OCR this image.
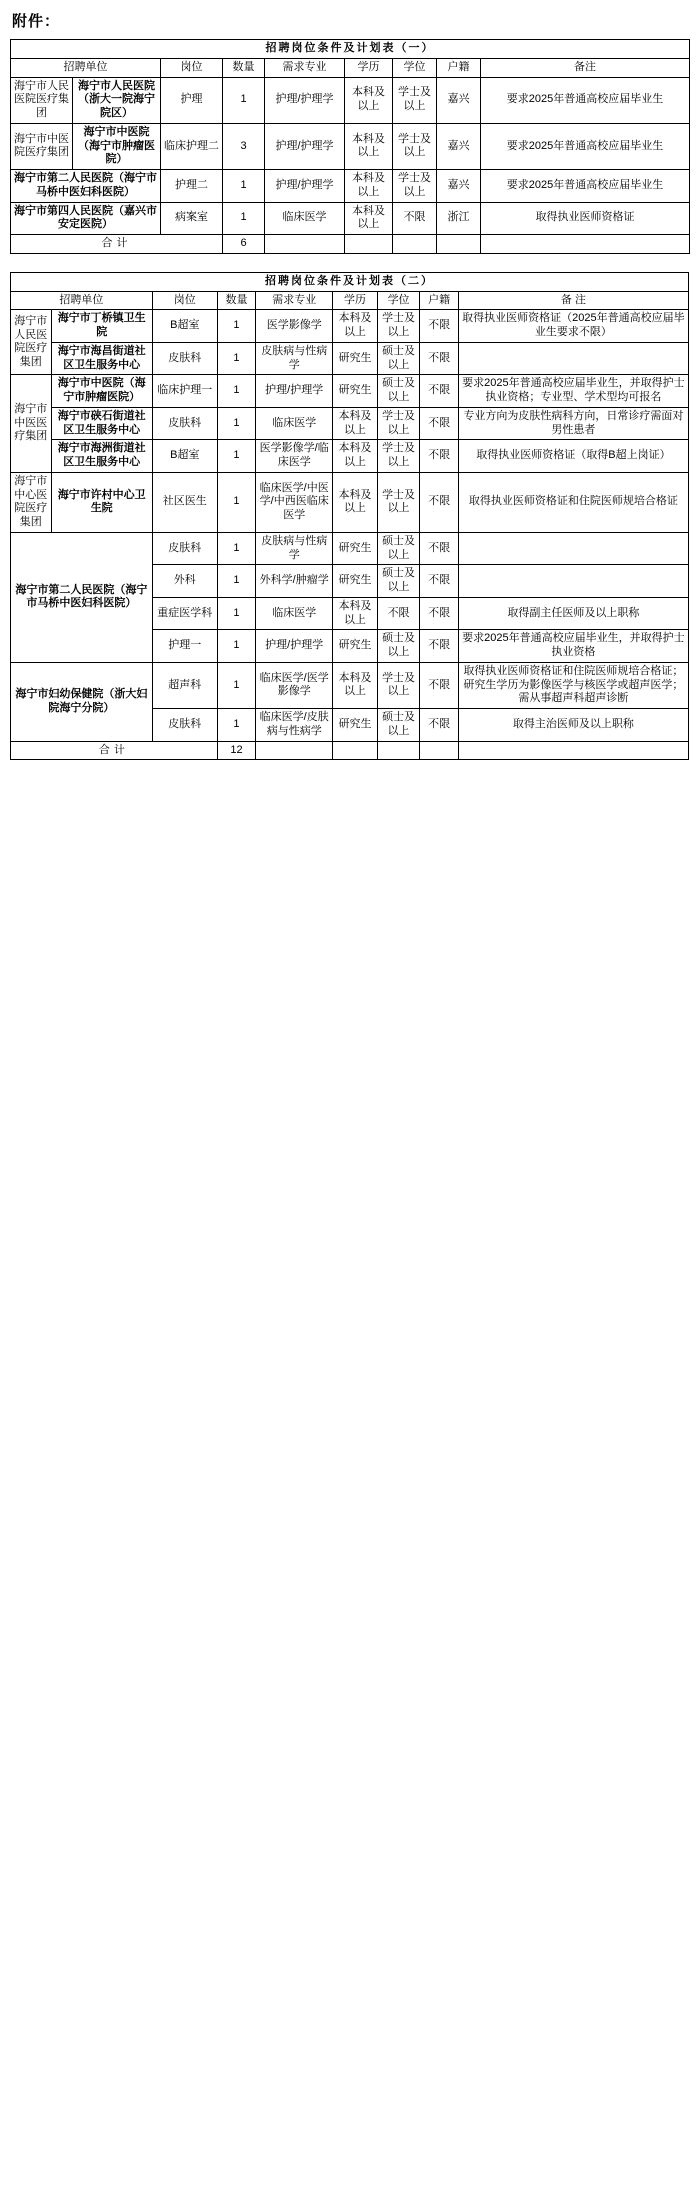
附件：
招聘岗位条件及计划表（一）								
招聘单位		岗位	数量	需求专业	学历	学位	户籍	备注
海宁市人民医院医疗集团	海宁市人民医院（浙大一院海宁院区）	护理	1	护理/护理学	本科及以上	学士及以上	嘉兴	要求2025年普通高校应届毕业生
海宁市中医院医疗集团	海宁市中医院（海宁市肿瘤医院）	临床护理二	3	护理/护理学	本科及以上	学士及以上	嘉兴	要求2025年普通高校应届毕业生
海宁市第二人民医院（海宁市马桥中医妇科医院）		护理二	1	护理/护理学	本科及以上	学士及以上	嘉兴	要求2025年普通高校应届毕业生
海宁市第四人民医院（嘉兴市安定医院）		病案室	1	临床医学	本科及以上	不限	浙江	取得执业医师资格证
合计			6					
招聘岗位条件及计划表（二）								
招聘单位		岗位	数量	需求专业	学历	学位	户籍	备 注
海宁市人民医院医疗集团	海宁市丁桥镇卫生院	B超室	1	医学影像学	本科及以上	学士及以上	不限	取得执业医师资格证（2025年普通高校应届毕业生要求不限）
	海宁市海昌街道社区卫生服务中心	皮肤科	1	皮肤病与性病学	研究生	硕士及以上	不限	
海宁市中医医疗集团	海宁市中医院（海宁市肿瘤医院）	临床护理一	1	护理/护理学	研究生	硕士及以上	不限	要求2025年普通高校应届毕业生，并取得护士执业资格；专业型、学术型均可报名
	海宁市硖石街道社区卫生服务中心	皮肤科	1	临床医学	本科及以上	学士及以上	不限	专业方向为皮肤性病科方向，日常诊疗需面对男性患者
	海宁市海洲街道社区卫生服务中心	B超室	1	医学影像学/临床医学	本科及以上	学士及以上	不限	取得执业医师资格证（取得B超上岗证）
海宁市中心医院医疗集团	海宁市许村中心卫生院	社区医生	1	临床医学/中医学/中西医临床医学	本科及以上	学士及以上	不限	取得执业医师资格证和住院医师规培合格证
海宁市第二人民医院（海宁市马桥中医妇科医院）		皮肤科	1	皮肤病与性病学	研究生	硕士及以上	不限	
		外科	1	外科学/肿瘤学	研究生	硕士及以上	不限	
		重症医学科	1	临床医学	本科及以上	不限	不限	取得副主任医师及以上职称
		护理一	1	护理/护理学	研究生	硕士及以上	不限	要求2025年普通高校应届毕业生，并取得护士执业资格
海宁市妇幼保健院（浙大妇院海宁分院）		超声科	1	临床医学/医学影像学	本科及以上	学士及以上	不限	取得执业医师资格证和住院医师规培合格证；研究生学历为影像医学与核医学或超声医学；需从事超声科超声诊断
		皮肤科	1	临床医学/皮肤病与性病学	研究生	硕士及以上	不限	取得主治医师及以上职称
合计			12					
